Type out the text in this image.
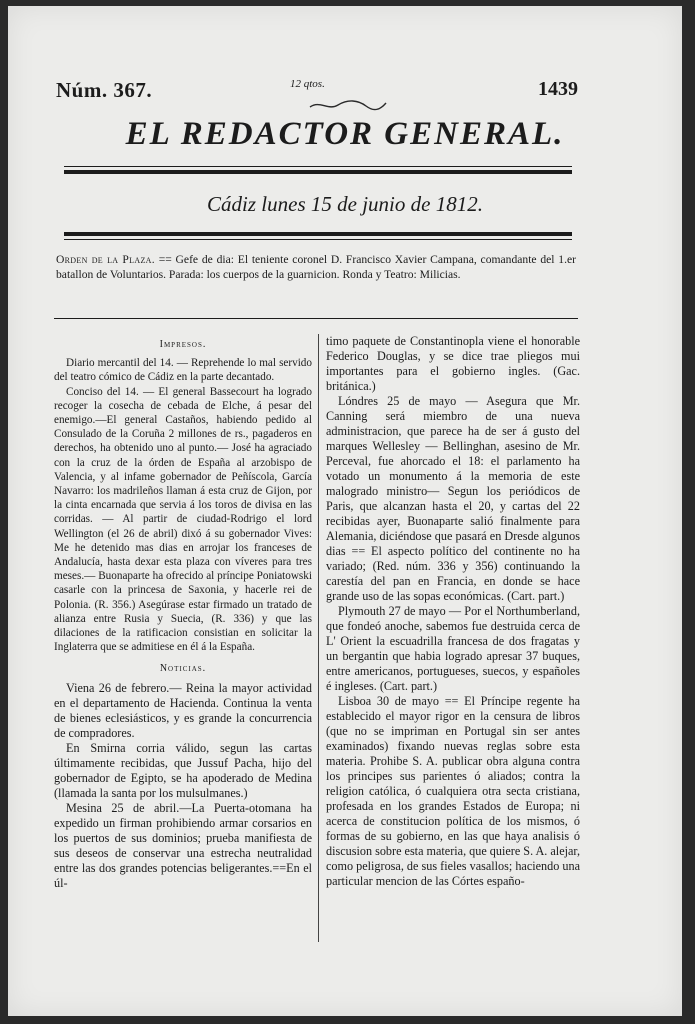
Núm. 367.	12 qtos.	1439
EL REDACTOR GENERAL.
Cádiz lunes 15 de junio de 1812.
Orden de la Plaza. == Gefe de dia: El teniente coronel D. Francisco Xavier Campana, comandante del 1.er batallon de Voluntarios. Parada: los cuerpos de la guarnicion. Ronda y Teatro: Milicias.
Impresos.

Diario mercantil del 14. — Reprehende lo mal servido del teatro cómico de Cádiz en la parte decantado.

Conciso del 14. — El general Bassecourt ha logrado recoger la cosecha de cebada de Elche, á pesar del enemigo.—El general Castaños, habiendo pedido al Consulado de la Coruña 2 millones de rs., pagaderos en derechos, ha obtenido uno al punto.— José ha agraciado con la cruz de la órden de España al arzobispo de Valencia, y al infame gobernador de Peñíscola, García Navarro: los madrileños llaman á esta cruz de Gijon, por la cinta encarnada que servia á los toros de divisa en las corridas. — Al partir de ciudad-Rodrigo el lord Wellington (el 26 de abril) dixó á su gobernador Vives: Me he detenido mas dias en arrojar los franceses de Andalucía, hasta dexar esta plaza con víveres para tres meses.— Buonaparte ha ofrecido al príncipe Poniatowski casarle con la princesa de Saxonia, y hacerle rei de Polonia. (R. 356.) Asegúrase estar firmado un tratado de alianza entre Rusia y Suecia, (R. 336) y que las dilaciones de la ratificacion consistian en solicitar la Inglaterra que se admitiese en él á la España.

Noticias.

Viena 26 de febrero.— Reina la mayor actividad en el departamento de Hacienda. Continua la venta de bienes eclesiásticos, y es grande la concurrencia de compradores.

En Smirna corria válido, segun las cartas últimamente recibidas, que Jussuf Pacha, hijo del gobernador de Egipto, se ha apoderado de Medina (llamada la santa por los mulsulmanes.)

Mesina 25 de abril.—La Puerta-otomana ha expedido un firman prohibiendo armar corsarios en los puertos de sus dominios; prueba manifiesta de sus deseos de conservar una estrecha neutralidad entre las dos grandes potencias beligerantes.==En el úl-

timo paquete de Constantinopla viene el honorable Federico Douglas, y se dice trae pliegos mui importantes para el gobierno ingles. (Gac. británica.)

Lóndres 25 de mayo — Asegura que Mr. Canning será miembro de una nueva administracion, que parece ha de ser á gusto del marques Wellesley — Bellinghan, asesino de Mr. Perceval, fue ahorcado el 18: el parlamento ha votado un monumento á la memoria de este malogrado ministro— Segun los periódicos de Paris, que alcanzan hasta el 20, y cartas del 22 recibidas ayer, Buonaparte salió finalmente para Alemania, diciéndose que pasará en Dresde algunos dias == El aspecto político del continente no ha variado; (Red. núm. 336 y 356) continuando la carestía del pan en Francia, en donde se hace grande uso de las sopas económicas. (Cart. part.)

Plymouth 27 de mayo — Por el Northumberland, que fondeó anoche, sabemos fue destruida cerca de L' Orient la escuadrilla francesa de dos fragatas y un bergantin que habia logrado apresar 37 buques, entre americanos, portugueses, suecos, y españoles é ingleses. (Cart. part.)

Lisboa 30 de mayo == El Príncipe regente ha establecido el mayor rigor en la censura de libros (que no se impriman en Portugal sin ser antes examinados) fixando nuevas reglas sobre esta materia. Prohibe S. A. publicar obra alguna contra los principes sus parientes ó aliados; contra la religion católica, ó cualquiera otra secta cristiana, profesada en los grandes Estados de Europa; ni acerca de constitucion política de los mismos, ó formas de su gobierno, en las que haya analisis ó discusion sobre esta materia, que quiere S. A. alejar, como peligrosa, de sus fieles vasallos; haciendo una particular mencion de las Córtes españo-
